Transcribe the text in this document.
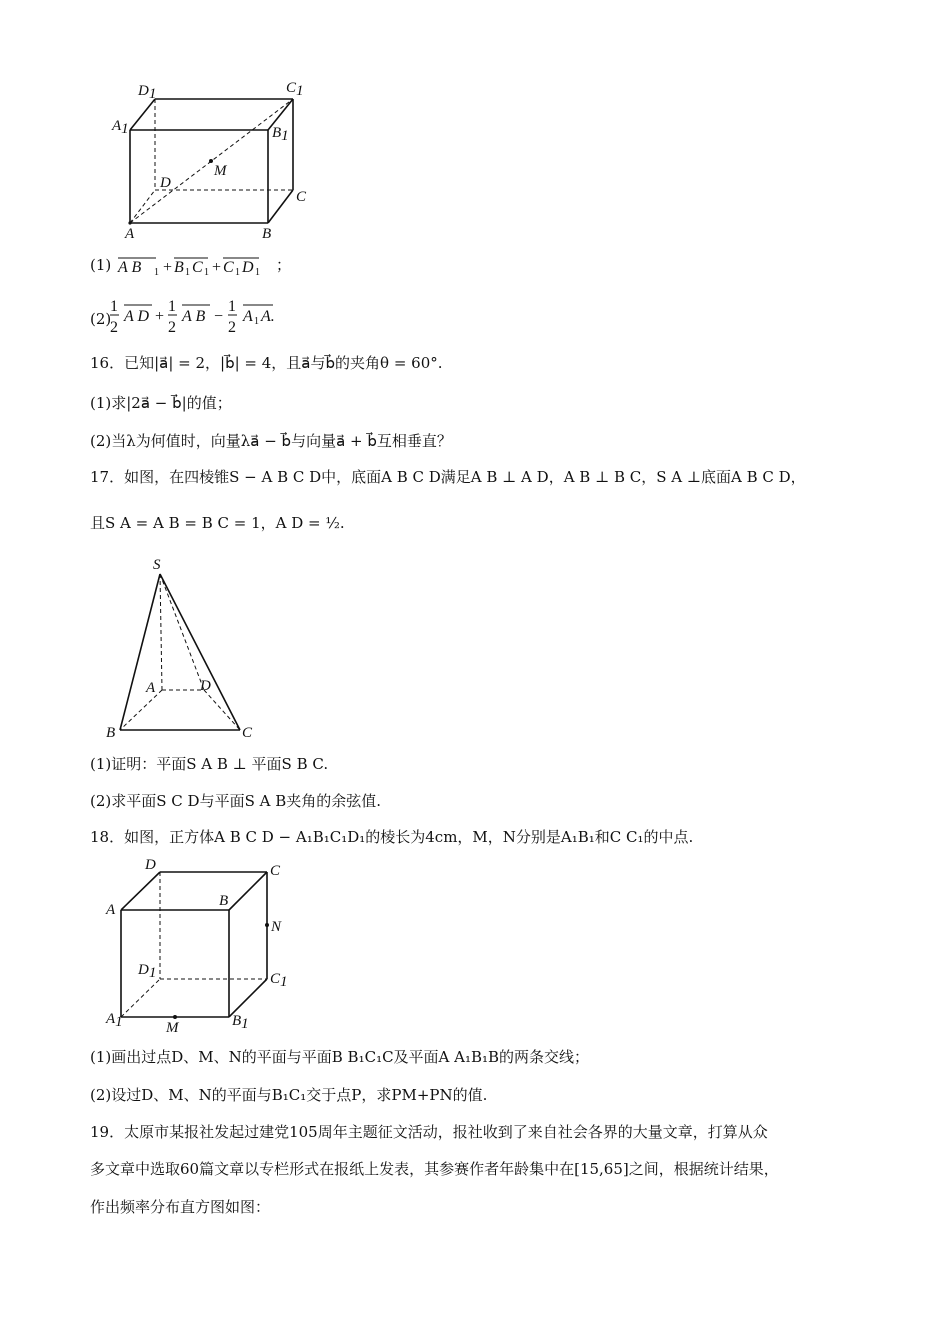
D1	C1
A1	B1
M
D
C
A	B
(1) A B 1 + B 1 C 1 + C 1 D 1 ；
(2)
1
2
A D +
1
2
A B −
1
2
A 1 A.
16．已知|a⃗| = 2，|b⃗| = 4，且a⃗与b⃗的夹角θ = 60°.
(1)求|2a⃗ − b⃗|的值；
(2)当λ为何值时，向量λa⃗ − b⃗与向量a⃗ + b⃗互相垂直？
17．如图，在四棱锥S − A B C D中，底面A B C D满足A B ⊥ A D，A B ⊥ B C，S A ⊥底面A B C D，
且S A = A B = B C = 1，A D = ½.
S
A	D
B	C
(1)证明：平面S A B ⊥ 平面S B C.
(2)求平面S C D与平面S A B夹角的余弦值.
18．如图，正方体A B C D − A₁B₁C₁D₁的棱长为4cm，M，N分别是A₁B₁和C C₁的中点.
D	C
A
B
N
D1	C1
A1	M	B1
(1)画出过点D、M、N的平面与平面B B₁C₁C及平面A A₁B₁B的两条交线；
(2)设过D、M、N的平面与B₁C₁交于点P，求PM+PN的值.
19．太原市某报社发起过建党105周年主题征文活动，报社收到了来自社会各界的大量文章，打算从众
多文章中选取60篇文章以专栏形式在报纸上发表，其参赛作者年龄集中在[15,65]之间，根据统计结果，
作出频率分布直方图如图：
